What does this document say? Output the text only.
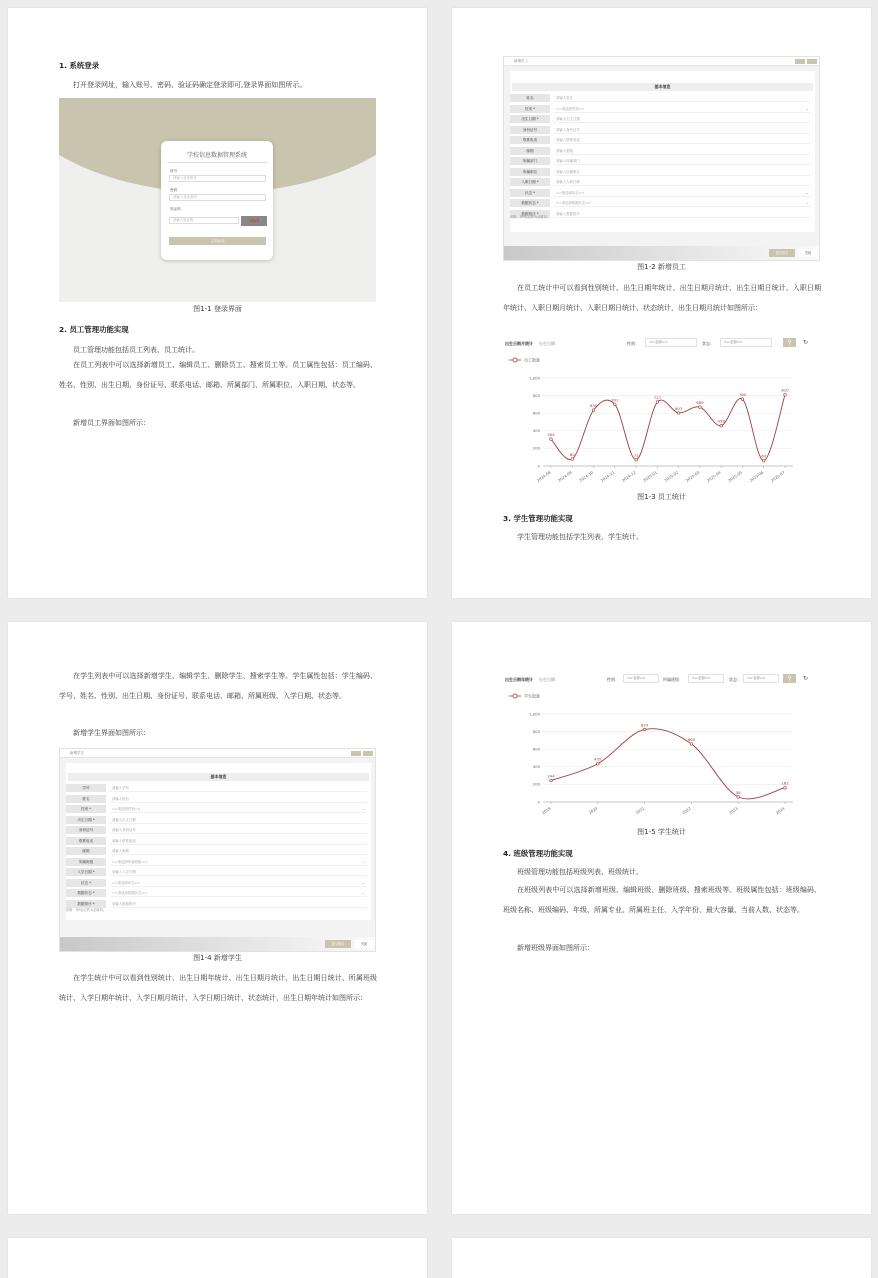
1. 系统登录
打开登录网址，输入账号、密码、验证码确定登录即可,登录界面如图所示。
学校信息数据管理系统
账号
请输入登录账号
密码
请输入登录密码
验证码
请输入验证码	x8y8
立即登录
图1-1 登录界面
2. 员工管理功能实现
员工管理功能包括员工列表、员工统计。
在员工列表中可以选择新增员工、编辑员工、删除员工、搜索员工等。员工属性包括：员工编码、姓名、性别、出生日期、身份证号、联系电话、邮箱、所属部门、所属职位、入职日期、状态等。
新增员工界面如图所示：
新增员工
基本信息
姓名	请输入姓名
性别 *	==请选择性别==	⌄
出生日期 *	请输入出生日期
身份证号	请输入身份证号
联系电话	请输入联系电话
邮箱	请输入邮箱
所属部门	请输入所属部门
所属职位	请输入所属职位
入职日期 *	请输入入职日期
状态 *	==请选择状态==	⌄
数据状态 *	==请选择数据状态==	⌄
数据排序 *	请输入数据排序
说明：用*标记的为必填项。
提交保存	关闭
图1-2 新增员工
在员工统计中可以看到性别统计、出生日期年统计、出生日期月统计、出生日期日统计、入职日期年统计、入职日期月统计、入职日期日统计、状态统计，出生日期月统计如图所示：
出生日期月统计 出生日期：	性别：	==全部==	状态：	==全部==	⚲	↻
员工数量
0
200
400
600
800
1,000
2024-08 2024-09 2024-10 2024-11 2024-12 2025-01 2025-02 2025-03 2025-04 2025-05 2025-06 2025-07
305
80
635
701
71
727
603
669
458
760
60
810
图1-3 员工统计
3. 学生管理功能实现
学生管理功能包括学生列表、学生统计。
在学生列表中可以选择新增学生、编辑学生、删除学生、搜索学生等。学生属性包括：学生编码、学号、姓名、性别、出生日期、身份证号、联系电话、邮箱、所属班级、入学日期、状态等。
新增学生界面如图所示：
新增学生
基本信息
学号	请输入学号
姓名	请输入姓名
性别 *	==请选择性别==	⌄
出生日期 *	请输入出生日期
身份证号	请输入身份证号
联系电话	请输入联系电话
邮箱	请输入邮箱
所属班级	==请选择所属班级==	⌄
入学日期 *	请输入入学日期
状态 *	==请选择状态==	⌄
数据状态 *	==请选择数据状态==	⌄
数据排序 *	请输入数据排序
说明：用*标记的为必填项。
提交保存	关闭
图1-4 新增学生
在学生统计中可以看到性别统计、出生日期年统计、出生日期月统计、出生日期日统计、所属班级统计、入学日期年统计、入学日期月统计、入学日期日统计、状态统计，出生日期年统计如图所示：
出生日期年统计 出生日期：	性别：	==全部==	所属班级：	==全部==	状态：	==全部==	⚲	↻
学生数量
0
200
400
600
800
1,000
2019	2020	2021	2022	2023	2024
244
435
824
660
58
162
图1-5 学生统计
4. 班级管理功能实现
班级管理功能包括班级列表、班级统计。
在班级列表中可以选择新增班级、编辑班级、删除班级、搜索班级等。班级属性包括：班级编码、班级名称、班级编码、年级、所属专业、所属班主任、入学年份、最大容量、当前人数、状态等。
新增班级界面如图所示：
